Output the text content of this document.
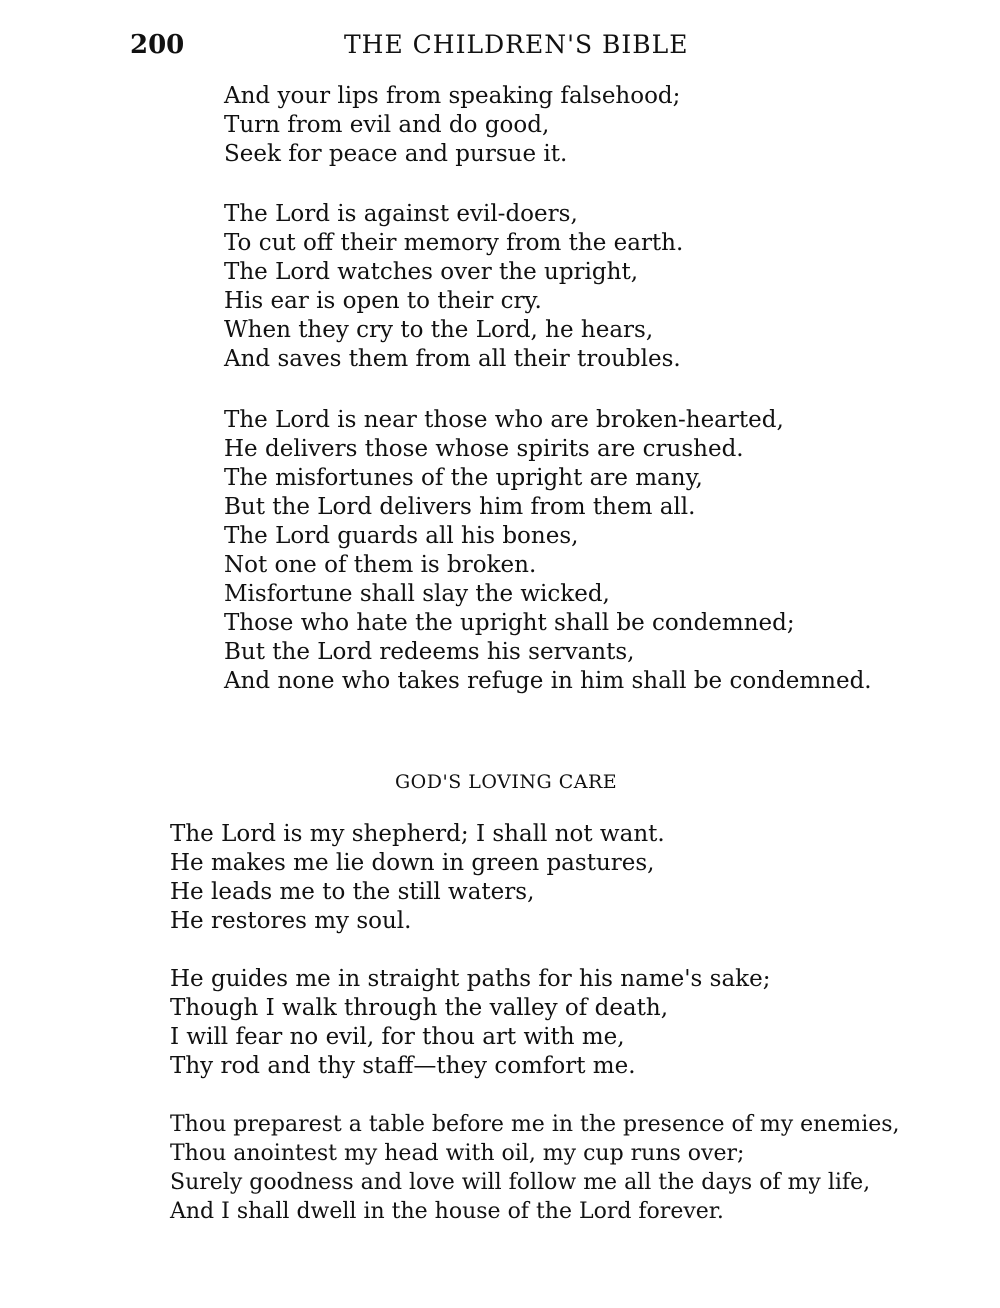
200	THE CHILDREN'S BIBLE
And your lips from speaking falsehood;
Turn from evil and do good,
Seek for peace and pursue it.
The Lord is against evil-doers,
To cut off their memory from the earth.
The Lord watches over the upright,
His ear is open to their cry.
When they cry to the Lord, he hears,
And saves them from all their troubles.
The Lord is near those who are broken-hearted,
He delivers those whose spirits are crushed.
The misfortunes of the upright are many,
But the Lord delivers him from them all.
The Lord guards all his bones,
Not one of them is broken.
Misfortune shall slay the wicked,
Those who hate the upright shall be condemned;
But the Lord redeems his servants,
And none who takes refuge in him shall be condemned.
GOD'S LOVING CARE
The Lord is my shepherd; I shall not want.
He makes me lie down in green pastures,
He leads me to the still waters,
He restores my soul.
He guides me in straight paths for his name's sake;
Though I walk through the valley of death,
I will fear no evil, for thou art with me,
Thy rod and thy staff—they comfort me.
Thou preparest a table before me in the presence of my enemies,
Thou anointest my head with oil, my cup runs over;
Surely goodness and love will follow me all the days of my life,
And I shall dwell in the house of the Lord forever.
